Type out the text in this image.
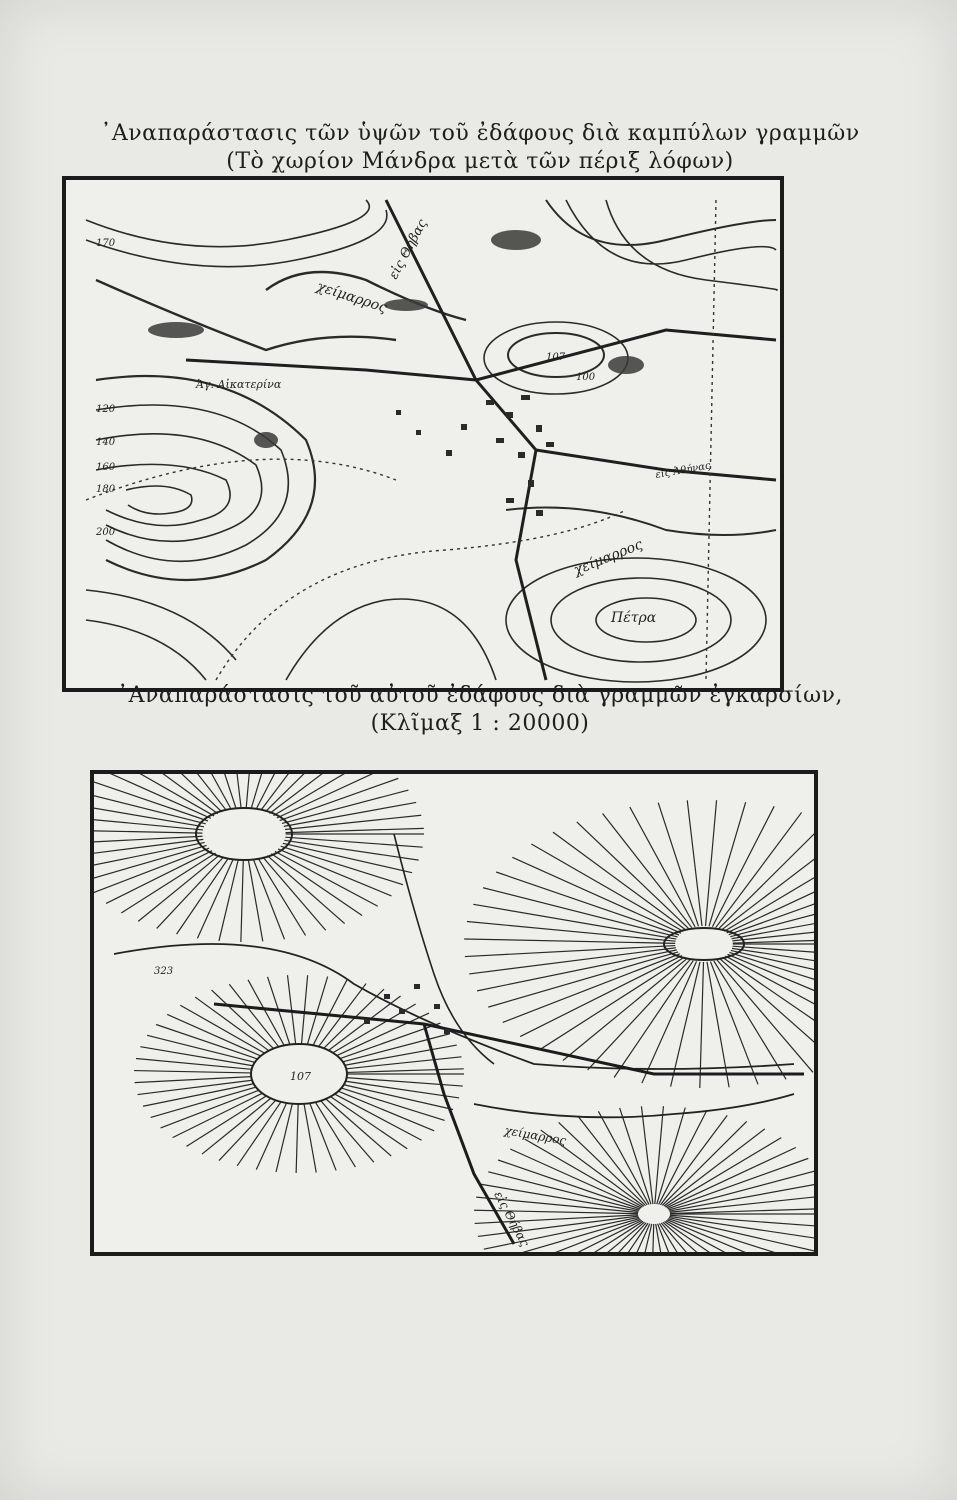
᾿Αναπαράστασις τῶν ὑψῶν τοῦ ἐδάφους διὰ καμπύλων γραμμῶν
(Τὸ χωρίον Μάνδρα μετὰ τῶν πέριξ λόφων)
εἰς Θήβας
χείμαρρος
χείμαρρος
Ἀγ. Αἰκατερίνα
Πέτρα
εἰς Ἀθήνας
170
120
140
160
180
200
107
100
᾿Αναπαράστασις τοῦ αὐτοῦ ἐδάφους διὰ γραμμῶν ἐγκαρσίων,
(Κλῖμαξ 1 : 20000)
εἰς Θήβας
χείμαρρος
107
323
